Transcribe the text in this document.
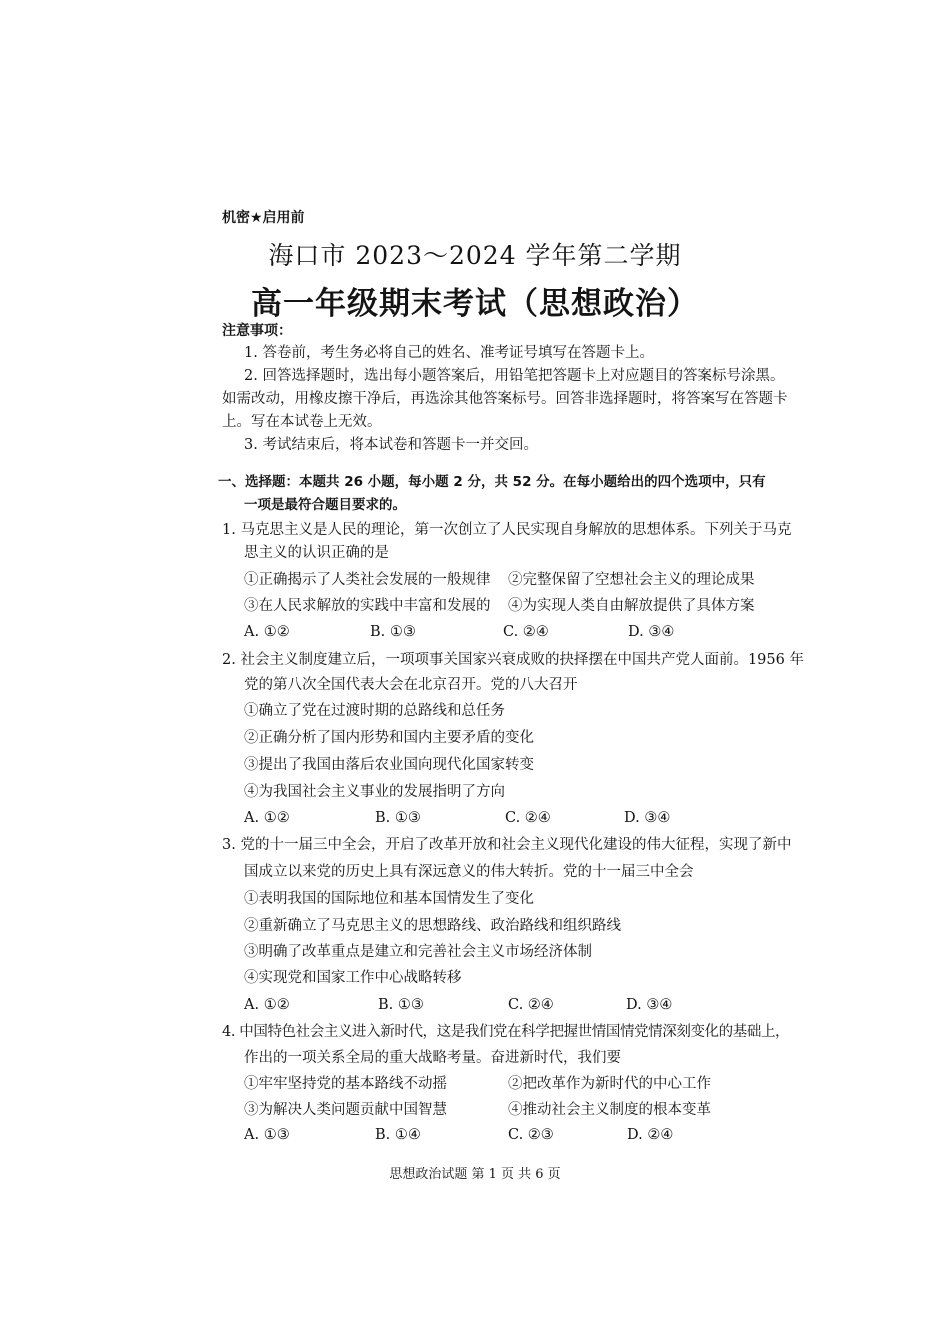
机密★启用前
海口市 2023～2024 学年第二学期
高一年级期末考试（思想政治）
注意事项：
1. 答卷前，考生务必将自己的姓名、准考证号填写在答题卡上。
2. 回答选择题时，选出每小题答案后，用铅笔把答题卡上对应题目的答案标号涂黑。
如需改动，用橡皮擦干净后，再选涂其他答案标号。回答非选择题时，将答案写在答题卡
上。写在本试卷上无效。
3. 考试结束后，将本试卷和答题卡一并交回。
一、选择题：本题共 26 小题，每小题 2 分，共 52 分。在每小题给出的四个选项中，只有
一项是最符合题目要求的。
1. 马克思主义是人民的理论，第一次创立了人民实现自身解放的思想体系。下列关于马克
思主义的认识正确的是
①正确揭示了人类社会发展的一般规律 ②完整保留了空想社会主义的理论成果
③在人民求解放的实践中丰富和发展的 ④为实现人类自由解放提供了具体方案
A. ①②	B. ①③	C. ②④	D. ③④
2. 社会主义制度建立后，一项项事关国家兴衰成败的抉择摆在中国共产党人面前。1956 年
党的第八次全国代表大会在北京召开。党的八大召开
①确立了党在过渡时期的总路线和总任务
②正确分析了国内形势和国内主要矛盾的变化
③提出了我国由落后农业国向现代化国家转变
④为我国社会主义事业的发展指明了方向
A. ①②	B. ①③	C. ②④	D. ③④
3. 党的十一届三中全会，开启了改革开放和社会主义现代化建设的伟大征程，实现了新中
国成立以来党的历史上具有深远意义的伟大转折。党的十一届三中全会
①表明我国的国际地位和基本国情发生了变化
②重新确立了马克思主义的思想路线、政治路线和组织路线
③明确了改革重点是建立和完善社会主义市场经济体制
④实现党和国家工作中心战略转移
A. ①②	B. ①③	C. ②④	D. ③④
4. 中国特色社会主义进入新时代，这是我们党在科学把握世情国情党情深刻变化的基础上，
作出的一项关系全局的重大战略考量。奋进新时代，我们要
①牢牢坚持党的基本路线不动摇	②把改革作为新时代的中心工作
③为解决人类问题贡献中国智慧	④推动社会主义制度的根本变革
A. ①③	B. ①④	C. ②③	D. ②④
思想政治试题 第 1 页 共 6 页
